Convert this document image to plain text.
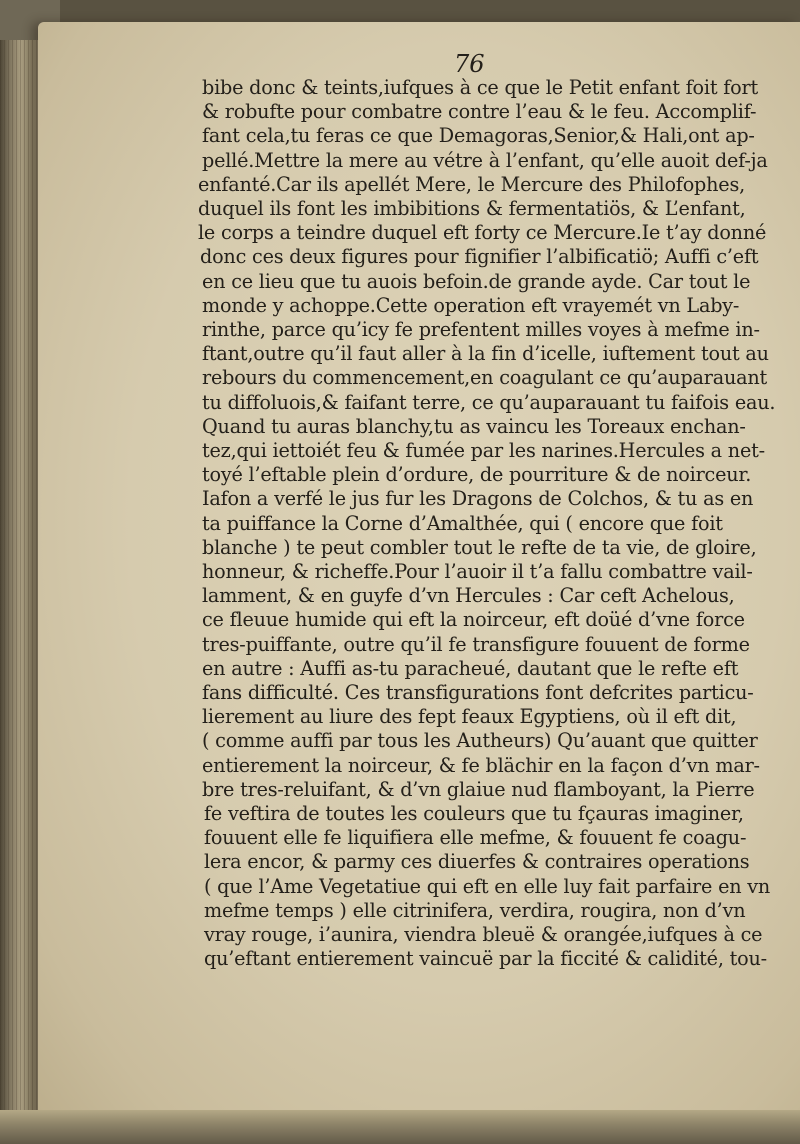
76
bibe donc & teints,iufques à ce que le Petit enfant foit fort
& robufte pour combatre contre l’eau & le feu. Accomplif-
fant cela,tu feras ce que Demagoras,Senior,& Hali,ont ap-
pellé.Mettre la mere au vétre à l’enfant, qu’elle auoit def-ja
enfanté.Car ils apellét Mere, le Mercure des Philofophes,
duquel ils font les imbibitions & fermentatiös, & L’enfant,
le corps a teindre duquel eft forty ce Mercure.Ie t’ay donné
donc ces deux figures pour fignifier l’albificatiö; Auffi c’eft
en ce lieu que tu auois befoin.de grande ayde. Car tout le
monde y achoppe.Cette operation eft vrayemét vn Laby-
rinthe, parce qu’icy fe prefentent milles voyes à mefme in-
ftant,outre qu’il faut aller à la fin d’icelle, iuftement tout au
rebours du commencement,en coagulant ce qu’auparauant
tu diffoluois,& faifant terre, ce qu’auparauant tu faifois eau.
Quand tu auras blanchy,tu as vaincu les Toreaux enchan-
tez,qui iettoiét feu & fumée par les narines.Hercules a net-
toyé l’eftable plein d’ordure, de pourriture & de noirceur.
Iafon a verfé le jus fur les Dragons de Colchos, & tu as en
ta puiffance la Corne d’Amalthée, qui ( encore que foit
blanche ) te peut combler tout le refte de ta vie, de gloire,
honneur, & richeffe.Pour l’auoir il t’a fallu combattre vail-
lamment, & en guyfe d’vn Hercules : Car ceft Achelous,
ce fleuue humide qui eft la noirceur, eft doüé d’vne force
tres-puiffante, outre qu’il fe transfigure fouuent de forme
en autre : Auffi as-tu paracheué, dautant que le refte eft
fans difficulté. Ces transfigurations font defcrites particu-
lierement au liure des fept feaux Egyptiens, où il eft dit,
( comme auffi par tous les Autheurs) Qu’auant que quitter
entierement la noirceur, & fe blächir en la façon d’vn mar-
bre tres-reluifant, & d’vn glaiue nud flamboyant, la Pierre
fe veftira de toutes les couleurs que tu fçauras imaginer,
fouuent elle fe liquifiera elle mefme, & fouuent fe coagu-
lera encor, & parmy ces diuerfes & contraires operations
( que l’Ame Vegetatiue qui eft en elle luy fait parfaire en vn
mefme temps ) elle citrinifera, verdira, rougira, non d’vn
vray rouge, i’aunira, viendra bleuë & orangée,iufques à ce
qu’eftant entierement vaincuë par la ficcité & calidité, tou-
